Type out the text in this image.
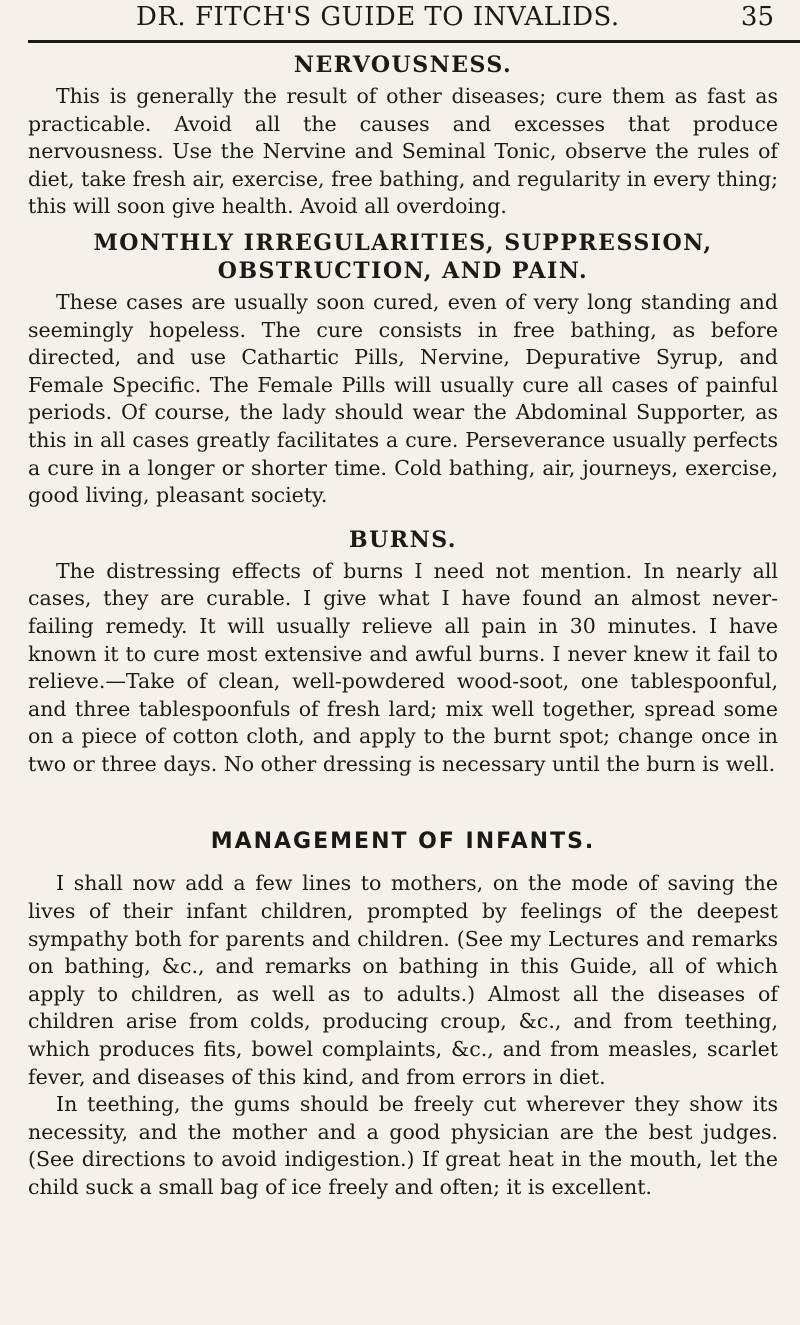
DR. FITCH'S GUIDE TO INVALIDS.	35
NERVOUSNESS.

This is generally the result of other diseases; cure them as fast as practicable. Avoid all the causes and excesses that produce nervousness. Use the Nervine and Seminal Tonic, observe the rules of diet, take fresh air, exercise, free bathing, and regularity in every thing; this will soon give health. Avoid all overdoing.

MONTHLY IRREGULARITIES, SUPPRESSION, OBSTRUCTION, AND PAIN.

These cases are usually soon cured, even of very long standing and seemingly hopeless. The cure consists in free bathing, as before directed, and use Cathartic Pills, Nervine, Depurative Syrup, and Female Specific. The Female Pills will usually cure all cases of painful periods. Of course, the lady should wear the Abdominal Supporter, as this in all cases greatly facilitates a cure. Perseverance usually perfects a cure in a longer or shorter time. Cold bathing, air, journeys, exercise, good living, pleasant society.

BURNS.

The distressing effects of burns I need not mention. In nearly all cases, they are curable. I give what I have found an almost never-failing remedy. It will usually relieve all pain in 30 minutes. I have known it to cure most extensive and awful burns. I never knew it fail to relieve.—Take of clean, well-powdered wood-soot, one tablespoonful, and three tablespoonfuls of fresh lard; mix well together, spread some on a piece of cotton cloth, and apply to the burnt spot; change once in two or three days. No other dressing is necessary until the burn is well.

MANAGEMENT OF INFANTS.

I shall now add a few lines to mothers, on the mode of saving the lives of their infant children, prompted by feelings of the deepest sympathy both for parents and children. (See my Lectures and remarks on bathing, &c., and remarks on bathing in this Guide, all of which apply to children, as well as to adults.) Almost all the diseases of children arise from colds, producing croup, &c., and from teething, which produces fits, bowel complaints, &c., and from measles, scarlet fever, and diseases of this kind, and from errors in diet.

In teething, the gums should be freely cut wherever they show its necessity, and the mother and a good physician are the best judges. (See directions to avoid indigestion.) If great heat in the mouth, let the child suck a small bag of ice freely and often; it is excellent.
